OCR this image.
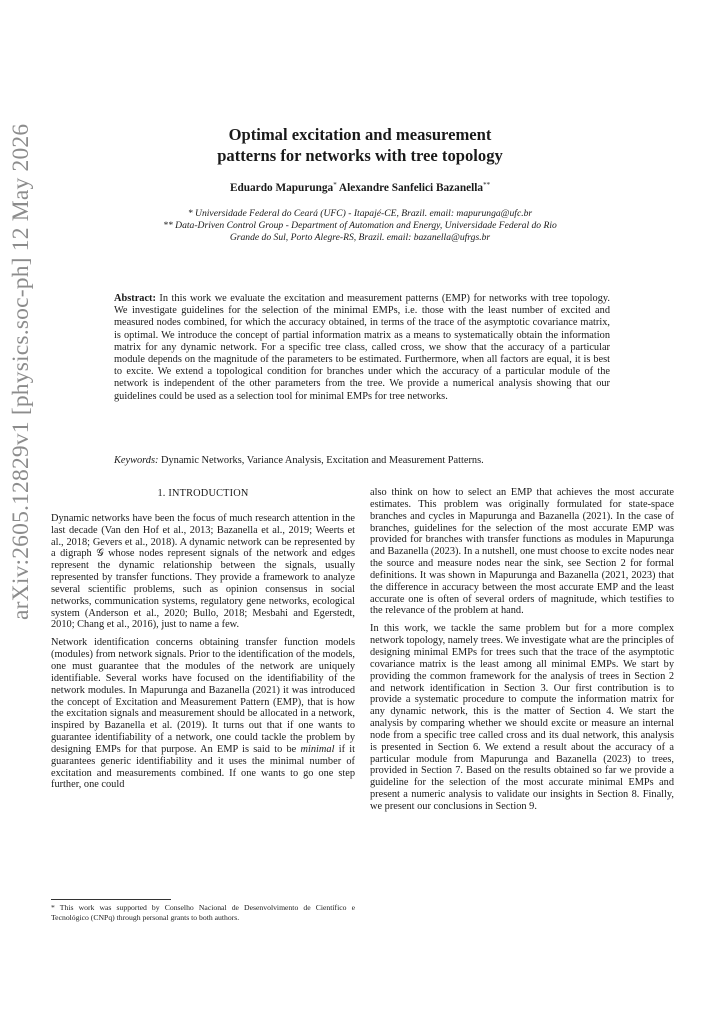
arXiv:2605.12829v1 [physics.soc-ph] 12 May 2026	Optimal excitation and measurement
patterns for networks with tree topology
Eduardo Mapurunga* Alexandre Sanfelici Bazanella**

* Universidade Federal do Ceará (UFC) - Itapajé-CE, Brazil. email: mapurunga@ufc.br

** Data-Driven Control Group - Department of Automation and Energy, Universidade Federal do Rio Grande do Sul, Porto Alegre-RS, Brazil. email: bazanella@ufrgs.br

Abstract: In this work we evaluate the excitation and measurement patterns (EMP) for networks with tree topology. We investigate guidelines for the selection of the minimal EMPs, i.e. those with the least number of excited and measured nodes combined, for which the accuracy obtained, in terms of the trace of the asymptotic covariance matrix, is optimal. We introduce the concept of partial information matrix as a means to systematically obtain the information matrix for any dynamic network. For a specific tree class, called cross, we show that the accuracy of a particular module depends on the magnitude of the parameters to be estimated. Furthermore, when all factors are equal, it is best to excite. We extend a topological condition for branches under which the accuracy of a particular module of the network is independent of the other parameters from the tree. We provide a numerical analysis showing that our guidelines could be used as a selection tool for minimal EMPs for tree networks.
Keywords: Dynamic Networks, Variance Analysis, Excitation and Measurement Patterns.

1. INTRODUCTION

Dynamic networks have been the focus of much research attention in the last decade (Van den Hof et al., 2013; Bazanella et al., 2019; Weerts et al., 2018; Gevers et al., 2018). A dynamic network can be represented by a digraph 𝒢 whose nodes represent signals of the network and edges represent the dynamic relationship between the signals, usually represented by transfer functions. They provide a framework to analyze several scientific problems, such as opinion consensus in social networks, communication systems, regulatory gene networks, ecological system (Anderson et al., 2020; Bullo, 2018; Mesbahi and Egerstedt, 2010; Chang et al., 2016), just to name a few.

Network identification concerns obtaining transfer function models (modules) from network signals. Prior to the identification of the models, one must guarantee that the modules of the network are uniquely identifiable. Several works have focused on the identifiability of the network modules. In Mapurunga and Bazanella (2021) it was introduced the concept of Excitation and Measurement Pattern (EMP), that is how the excitation signals and measurement should be allocated in a network, inspired by Bazanella et al. (2019). It turns out that if one wants to guarantee identifiability of a network, one could tackle the problem by designing EMPs for that purpose. An EMP is said to be minimal if it guarantees generic identifiability and it uses the minimal number of excitation and measurements combined. If one wants to go one step further, one could

also think on how to select an EMP that achieves the most accurate estimates. This problem was originally formulated for state-space branches and cycles in Mapurunga and Bazanella (2021). In the case of branches, guidelines for the selection of the most accurate EMP was provided for branches with transfer functions as modules in Mapurunga and Bazanella (2023). In a nutshell, one must choose to excite nodes near the source and measure nodes near the sink, see Section 2 for formal definitions. It was shown in Mapurunga and Bazanella (2021, 2023) that the difference in accuracy between the most accurate EMP and the least accurate one is often of several orders of magnitude, which testifies to the relevance of the problem at hand.

In this work, we tackle the same problem but for a more complex network topology, namely trees. We investigate what are the principles of designing minimal EMPs for trees such that the trace of the asymptotic covariance matrix is the least among all minimal EMPs. We start by providing the common framework for the analysis of trees in Section 2 and network identification in Section 3. Our first contribution is to provide a systematic procedure to compute the information matrix for any dynamic network, this is the matter of Section 4. We start the analysis by comparing whether we should excite or measure an internal node from a specific tree called cross and its dual network, this analysis is presented in Section 6. We extend a result about the accuracy of a particular module from Mapurunga and Bazanella (2023) to trees, provided in Section 7. Based on the results obtained so far we provide a guideline for the selection of the most accurate minimal EMPs and present a numeric analysis to validate our insights in Section 8. Finally, we present our conclusions in Section 9.

* This work was supported by Conselho Nacional de Desenvolvimento de Científico e Tecnológico (CNPq) through personal grants to both authors.
